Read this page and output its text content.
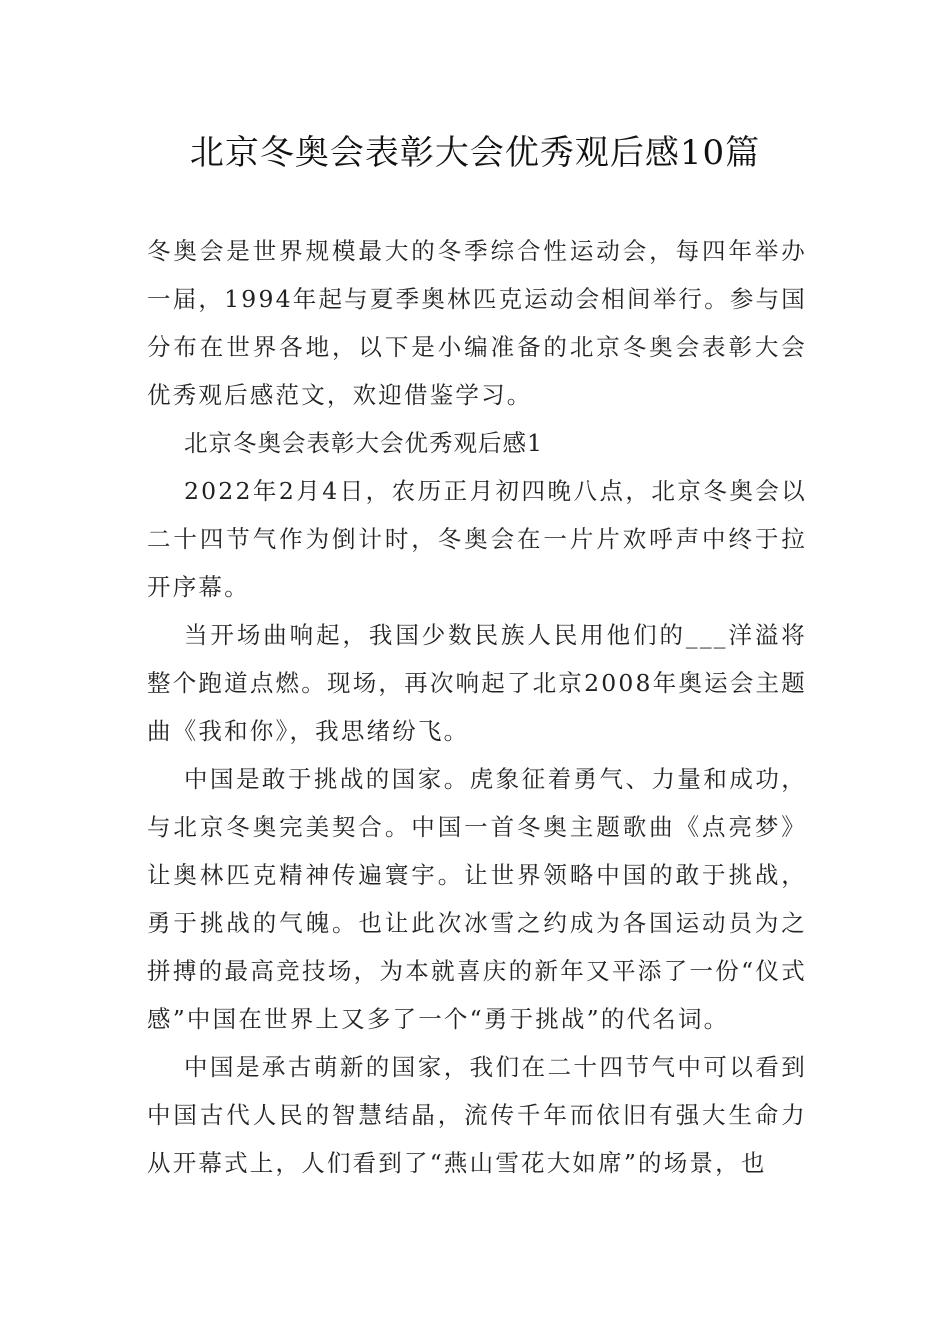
北京冬奥会表彰大会优秀观后感10篇

冬奥会是世界规模最大的冬季综合性运动会，每四年举办一届，1994年起与夏季奥林匹克运动会相间举行。参与国分布在世界各地，以下是小编准备的北京冬奥会表彰大会优秀观后感范文，欢迎借鉴学习。

北京冬奥会表彰大会优秀观后感1

2022年2月4日，农历正月初四晚八点，北京冬奥会以二十四节气作为倒计时，冬奥会在一片片欢呼声中终于拉开序幕。

当开场曲响起，我国少数民族人民用他们的___洋溢将整个跑道点燃。现场，再次响起了北京2008年奥运会主题曲《我和你》，我思绪纷飞。

中国是敢于挑战的国家。虎象征着勇气、力量和成功，与北京冬奥完美契合。中国一首冬奥主题歌曲《点亮梦》让奥林匹克精神传遍寰宇。让世界领略中国的敢于挑战，勇于挑战的气魄。也让此次冰雪之约成为各国运动员为之拼搏的最高竞技场，为本就喜庆的新年又平添了一份“仪式感”中国在世界上又多了一个“勇于挑战”的代名词。

中国是承古萌新的国家，我们在二十四节气中可以看到中国古代人民的智慧结晶，流传千年而依旧有强大生命力从开幕式上，人们看到了“燕山雪花大如席”的场景，也
